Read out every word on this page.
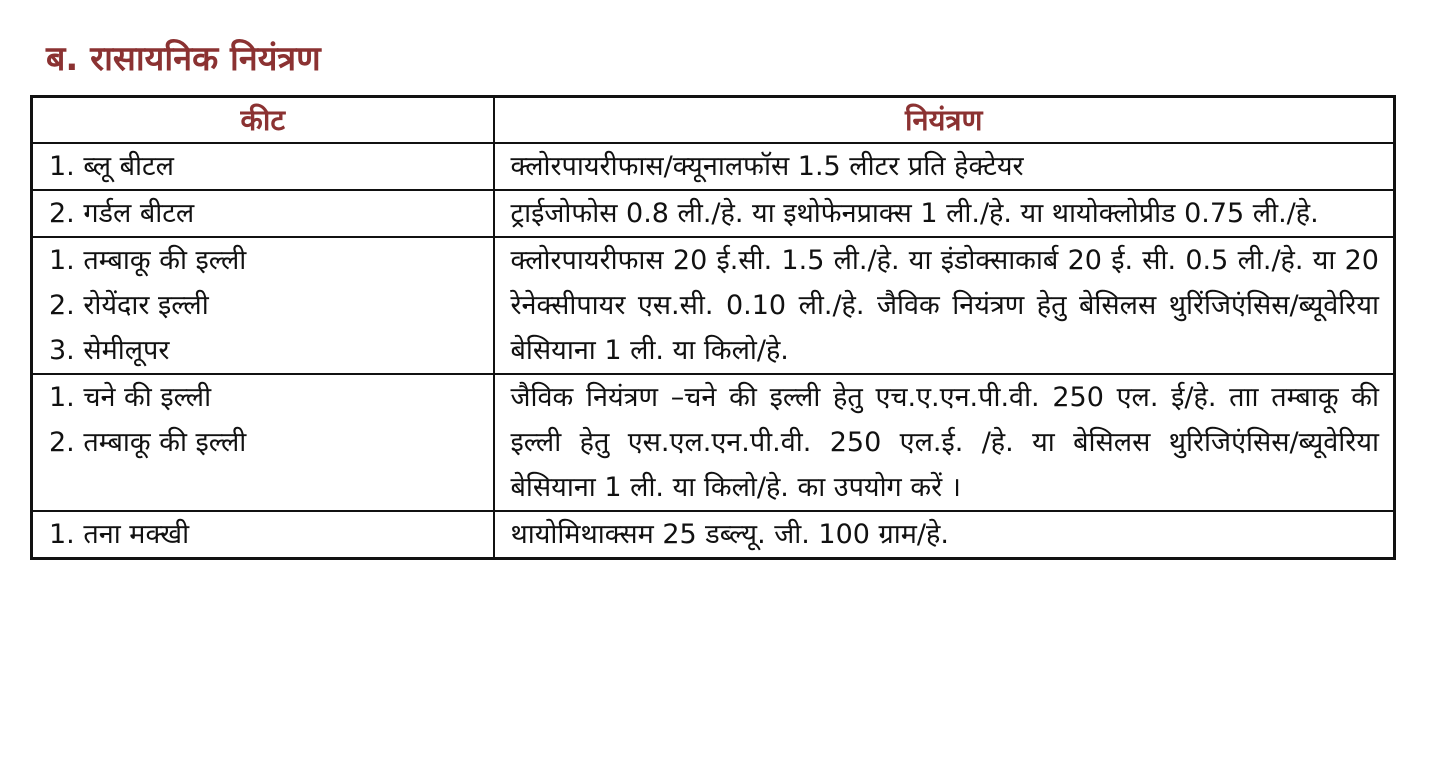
ब. रासायनिक नियंत्रण
कीट	नियंत्रण

1. ब्लू बीटल	क्लोरपायरीफास/क्यूनालफॉस 1.5 लीटर प्रति हेक्टेयर

2. गर्डल बीटल	ट्राईजोफोस 0.8 ली./हे. या इथोफेनप्राक्स 1 ली./हे. या थायोक्लोप्रीड 0.75 ली./हे.

1. तम्बाकू की इल्ली
2. रोयेंदार इल्ली
3. सेमीलूपर	क्लोरपायरीफास 20 ई.सी. 1.5 ली./हे. या इंडोक्साकार्ब 20 ई. सी. 0.5 ली./हे. या 20 रेनेक्सीपायर एस.सी. 0.10 ली./हे. जैविक नियंत्रण हेतु बेसिलस थुरिंजिएंसिस/ब्यूवेरिया बेसियाना 1 ली. या किलो/हे.

1. चने की इल्ली
2. तम्बाकू की इल्ली	जैविक नियंत्रण –चने की इल्ली हेतु एच.ए.एन.पी.वी. 250 एल. ई/हे. ताा तम्बाकू की इल्ली हेतु एस.एल.एन.पी.वी. 250 एल.ई. /हे. या बेसिलस थुरिजिएंसिस/ब्यूवेरिया बेसियाना 1 ली. या किलो/हे. का उपयोग करें ।

1. तना मक्खी	थायोमिथाक्सम 25 डब्ल्यू. जी. 100 ग्राम/हे.
